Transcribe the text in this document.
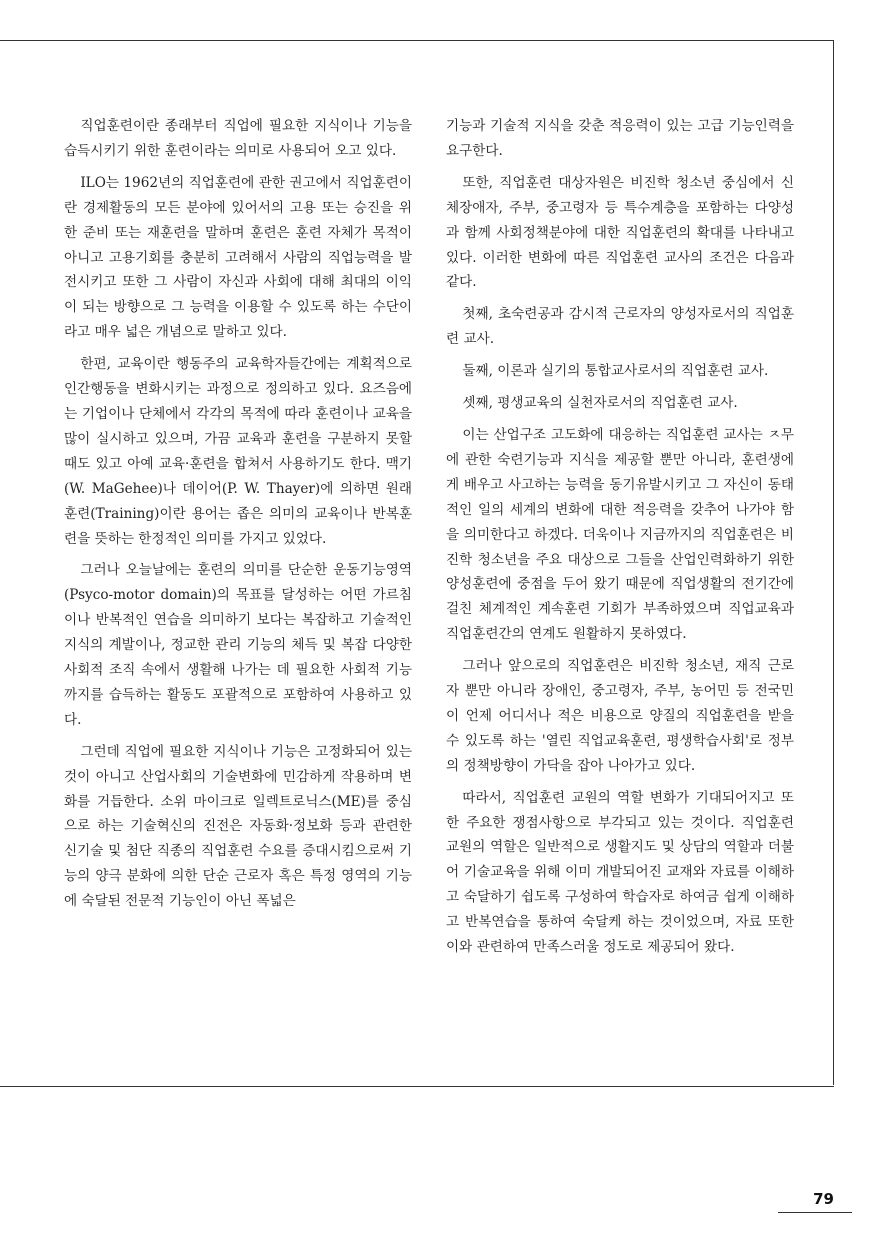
직업훈련이란 종래부터 직업에 필요한 지식이나 기능을 습득시키기 위한 훈련이라는 의미로 사용되어 오고 있다.

ILO는 1962년의 직업훈련에 관한 권고에서 직업훈련이란 경제활동의 모든 분야에 있어서의 고용 또는 승진을 위한 준비 또는 재훈련을 말하며 훈련은 훈련 자체가 목적이 아니고 고용기회를 충분히 고려해서 사람의 직업능력을 발전시키고 또한 그 사람이 자신과 사회에 대해 최대의 이익이 되는 방향으로 그 능력을 이용할 수 있도록 하는 수단이라고 매우 넓은 개념으로 말하고 있다.

한편, 교육이란 행동주의 교육학자들간에는 계획적으로 인간행동을 변화시키는 과정으로 정의하고 있다. 요즈음에는 기업이나 단체에서 각각의 목적에 따라 훈련이나 교육을 많이 실시하고 있으며, 가끔 교육과 훈련을 구분하지 못할 때도 있고 아예 교육·훈련을 합쳐서 사용하기도 한다. 맥기(W. MaGehee)나 데이어(P. W. Thayer)에 의하면 원래 훈련(Training)이란 용어는 좁은 의미의 교육이나 반복훈련을 뜻하는 한정적인 의미를 가지고 있었다.

그러나 오늘날에는 훈련의 의미를 단순한 운동기능영역(Psyco-motor domain)의 목표를 달성하는 어떤 가르침이나 반복적인 연습을 의미하기 보다는 복잡하고 기술적인 지식의 계발이나, 정교한 관리 기능의 체득 및 복잡 다양한 사회적 조직 속에서 생활해 나가는 데 필요한 사회적 기능까지를 습득하는 활동도 포괄적으로 포함하여 사용하고 있다.

그런데 직업에 필요한 지식이나 기능은 고정화되어 있는 것이 아니고 산업사회의 기술변화에 민감하게 작용하며 변화를 거듭한다. 소위 마이크로 일렉트로닉스(ME)를 중심으로 하는 기술혁신의 진전은 자동화·정보화 등과 관련한 신기술 및 첨단 직종의 직업훈련 수요를 증대시킴으로써 기능의 양극 분화에 의한 단순 근로자 혹은 특정 영역의 기능에 숙달된 전문적 기능인이 아닌 폭넓은

기능과 기술적 지식을 갖춘 적응력이 있는 고급 기능인력을 요구한다.

또한, 직업훈련 대상자원은 비진학 청소년 중심에서 신체장애자, 주부, 중고령자 등 특수계층을 포함하는 다양성과 함께 사회정책분야에 대한 직업훈련의 확대를 나타내고 있다. 이러한 변화에 따른 직업훈련 교사의 조건은 다음과 같다.

첫째, 초숙련공과 감시적 근로자의 양성자로서의 직업훈련 교사.

둘째, 이론과 실기의 통합교사로서의 직업훈련 교사.

셋째, 평생교육의 실천자로서의 직업훈련 교사.

이는 산업구조 고도화에 대응하는 직업훈련 교사는 ㅈ무에 관한 숙련기능과 지식을 제공할 뿐만 아니라, 훈련생에게 배우고 사고하는 능력을 동기유발시키고 그 자신이 동태적인 일의 세계의 변화에 대한 적응력을 갖추어 나가야 함을 의미한다고 하겠다. 더욱이나 지금까지의 직업훈련은 비진학 청소년을 주요 대상으로 그들을 산업인력화하기 위한 양성훈련에 중점을 두어 왔기 때문에 직업생활의 전기간에 걸친 체계적인 계속훈련 기회가 부족하였으며 직업교육과 직업훈련간의 연계도 원활하지 못하였다.

그러나 앞으로의 직업훈련은 비진학 청소년, 재직 근로자 뿐만 아니라 장애인, 중고령자, 주부, 농어민 등 전국민이 언제 어디서나 적은 비용으로 양질의 직업훈련을 받을 수 있도록 하는 '열린 직업교육훈련, 평생학습사회'로 정부의 정책방향이 가닥을 잡아 나아가고 있다.

따라서, 직업훈련 교원의 역할 변화가 기대되어지고 또한 주요한 쟁점사항으로 부각되고 있는 것이다. 직업훈련 교원의 역할은 일반적으로 생활지도 및 상담의 역할과 더불어 기술교육을 위해 이미 개발되어진 교재와 자료를 이해하고 숙달하기 쉽도록 구성하여 학습자로 하여금 쉽게 이해하고 반복연습을 통하여 숙달케 하는 것이었으며, 자료 또한 이와 관련하여 만족스러울 정도로 제공되어 왔다.

79
